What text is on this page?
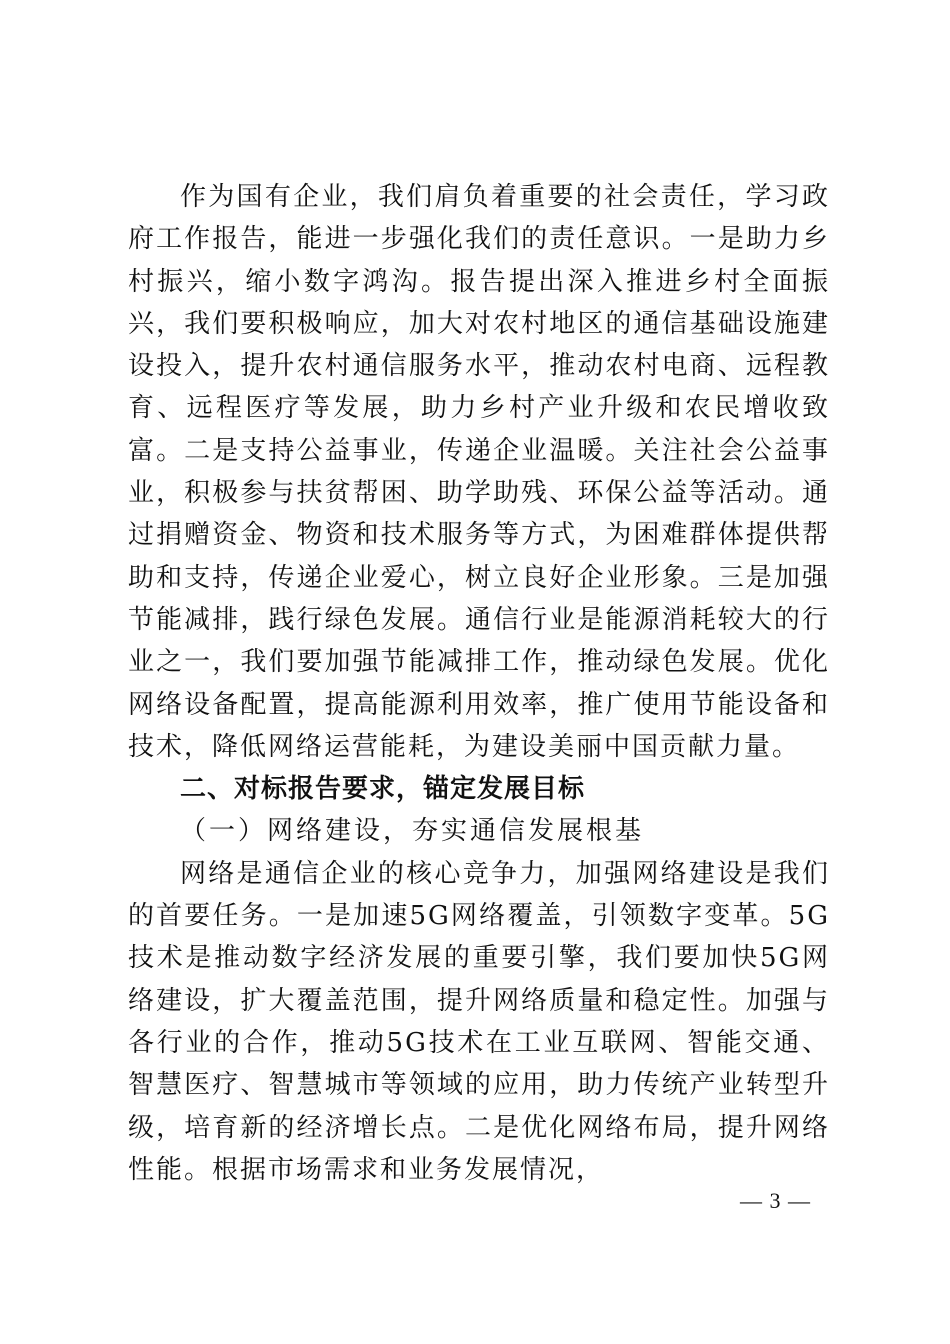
作为国有企业，我们肩负着重要的社会责任，学习政府工作报告，能进一步强化我们的责任意识。一是助力乡村振兴，缩小数字鸿沟。报告提出深入推进乡村全面振兴，我们要积极响应，加大对农村地区的通信基础设施建设投入，提升农村通信服务水平，推动农村电商、远程教育、远程医疗等发展，助力乡村产业升级和农民增收致富。二是支持公益事业，传递企业温暖。关注社会公益事业，积极参与扶贫帮困、助学助残、环保公益等活动。通过捐赠资金、物资和技术服务等方式，为困难群体提供帮助和支持，传递企业爱心，树立良好企业形象。三是加强节能减排，践行绿色发展。通信行业是能源消耗较大的行业之一，我们要加强节能减排工作，推动绿色发展。优化网络设备配置，提高能源利用效率，推广使用节能设备和技术，降低网络运营能耗，为建设美丽中国贡献力量。

二、对标报告要求，锚定发展目标

（一）网络建设，夯实通信发展根基

网络是通信企业的核心竞争力，加强网络建设是我们的首要任务。一是加速5G网络覆盖，引领数字变革。5G技术是推动数字经济发展的重要引擎，我们要加快5G网络建设，扩大覆盖范围，提升网络质量和稳定性。加强与各行业的合作，推动5G技术在工业互联网、智能交通、智慧医疗、智慧城市等领域的应用，助力传统产业转型升级，培育新的经济增长点。二是优化网络布局，提升网络性能。根据市场需求和业务发展情况，

— 3 —
